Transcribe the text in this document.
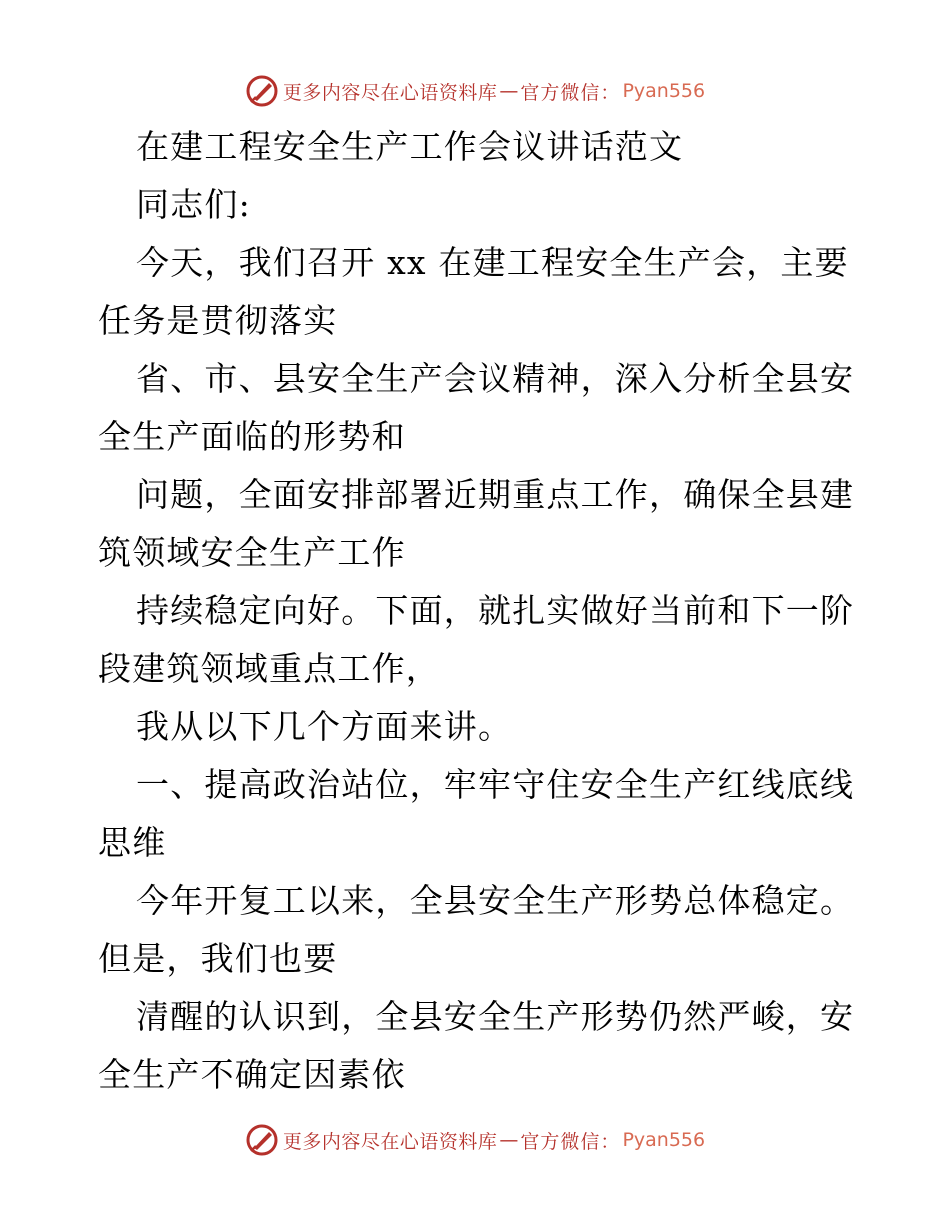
更多内容尽在心语资料库 — 官方微信： Pyan556
在建工程安全生产工作会议讲话范文
同志们:
今天，我们召开 xx 在建工程安全生产会，主要
任务是贯彻落实
省、市、县安全生产会议精神，深入分析全县安
全生产面临的形势和
问题，全面安排部署近期重点工作，确保全县建
筑领域安全生产工作
持续稳定向好。下面，就扎实做好当前和下一阶
段建筑领域重点工作，
我从以下几个方面来讲。
一、提高政治站位，牢牢守住安全生产红线底线
思维
今年开复工以来，全县安全生产形势总体稳定。
但是，我们也要
清醒的认识到，全县安全生产形势仍然严峻，安
全生产不确定因素依
更多内容尽在心语资料库 — 官方微信： Pyan556
